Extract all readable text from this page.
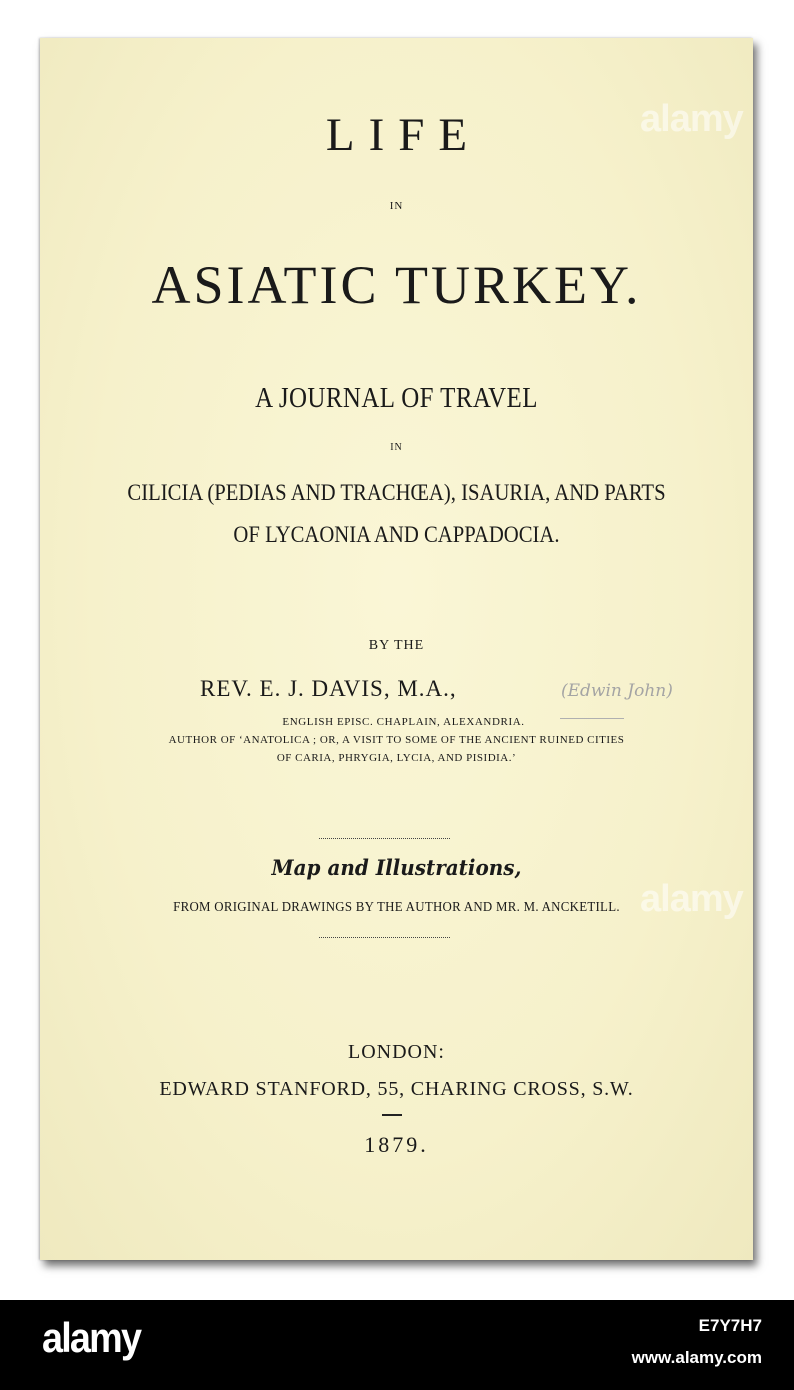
alamy
alamy
LIFE
IN
ASIATIC TURKEY.
A JOURNAL OF TRAVEL
IN
CILICIA (PEDIAS AND TRACHŒA), ISAURIA, AND PARTS
OF LYCAONIA AND CAPPADOCIA.
BY THE
REV. E. J. DAVIS, M.A.,	(Edwin John)
ENGLISH EPISC. CHAPLAIN, ALEXANDRIA.
AUTHOR OF ‘ANATOLICA ; OR, A VISIT TO SOME OF THE ANCIENT RUINED CITIES
OF CARIA, PHRYGIA, LYCIA, AND PISIDIA.’
Map and Illustrations,
FROM ORIGINAL DRAWINGS BY THE AUTHOR AND MR. M. ANCKETILL.
LONDON:
EDWARD STANFORD, 55, CHARING CROSS, S.W.
1879.
alamy	E7Y7H7
www.alamy.com
